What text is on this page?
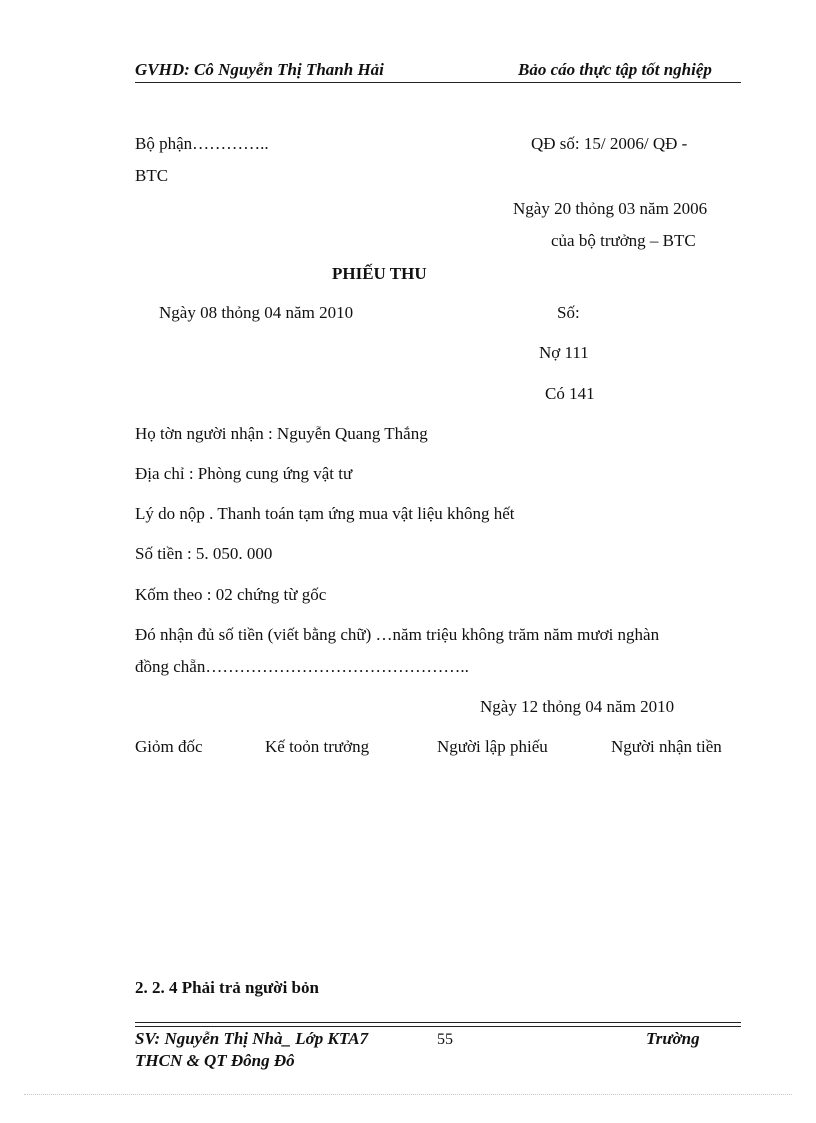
GVHD: Cô Nguyễn Thị Thanh Hải	Bảo cáo thực tập tốt nghiệp
Bộ phận…………..	QĐ số: 15/ 2006/ QĐ -
BTC
Ngày 20 thỏng 03 năm 2006
của bộ trưởng – BTC
PHIẾU THU
Ngày 08 thỏng 04 năm 2010	Số:
Nợ 111
Có 141
Họ tờn người nhận : Nguyễn Quang Thắng
Địa chỉ : Phòng cung ứng vật tư
Lý do nộp . Thanh toán tạm ứng mua vật liệu không hết
Số tiền : 5. 050. 000
Kốm theo : 02 chứng từ gốc
Đó nhận đủ số tiền (viết bằng chữ) …năm triệu không trăm năm mươi nghàn
đồng chẵn………………………………………..
Ngày 12 thỏng 04 năm 2010
Giỏm đốc	Kế toỏn trưởng	Người lập phiếu	Người nhận tiền
2. 2. 4 Phải trả người bỏn
SV: Nguyễn Thị Nhà_ Lớp KTA7	55	Trường
THCN & QT Đông Đô
